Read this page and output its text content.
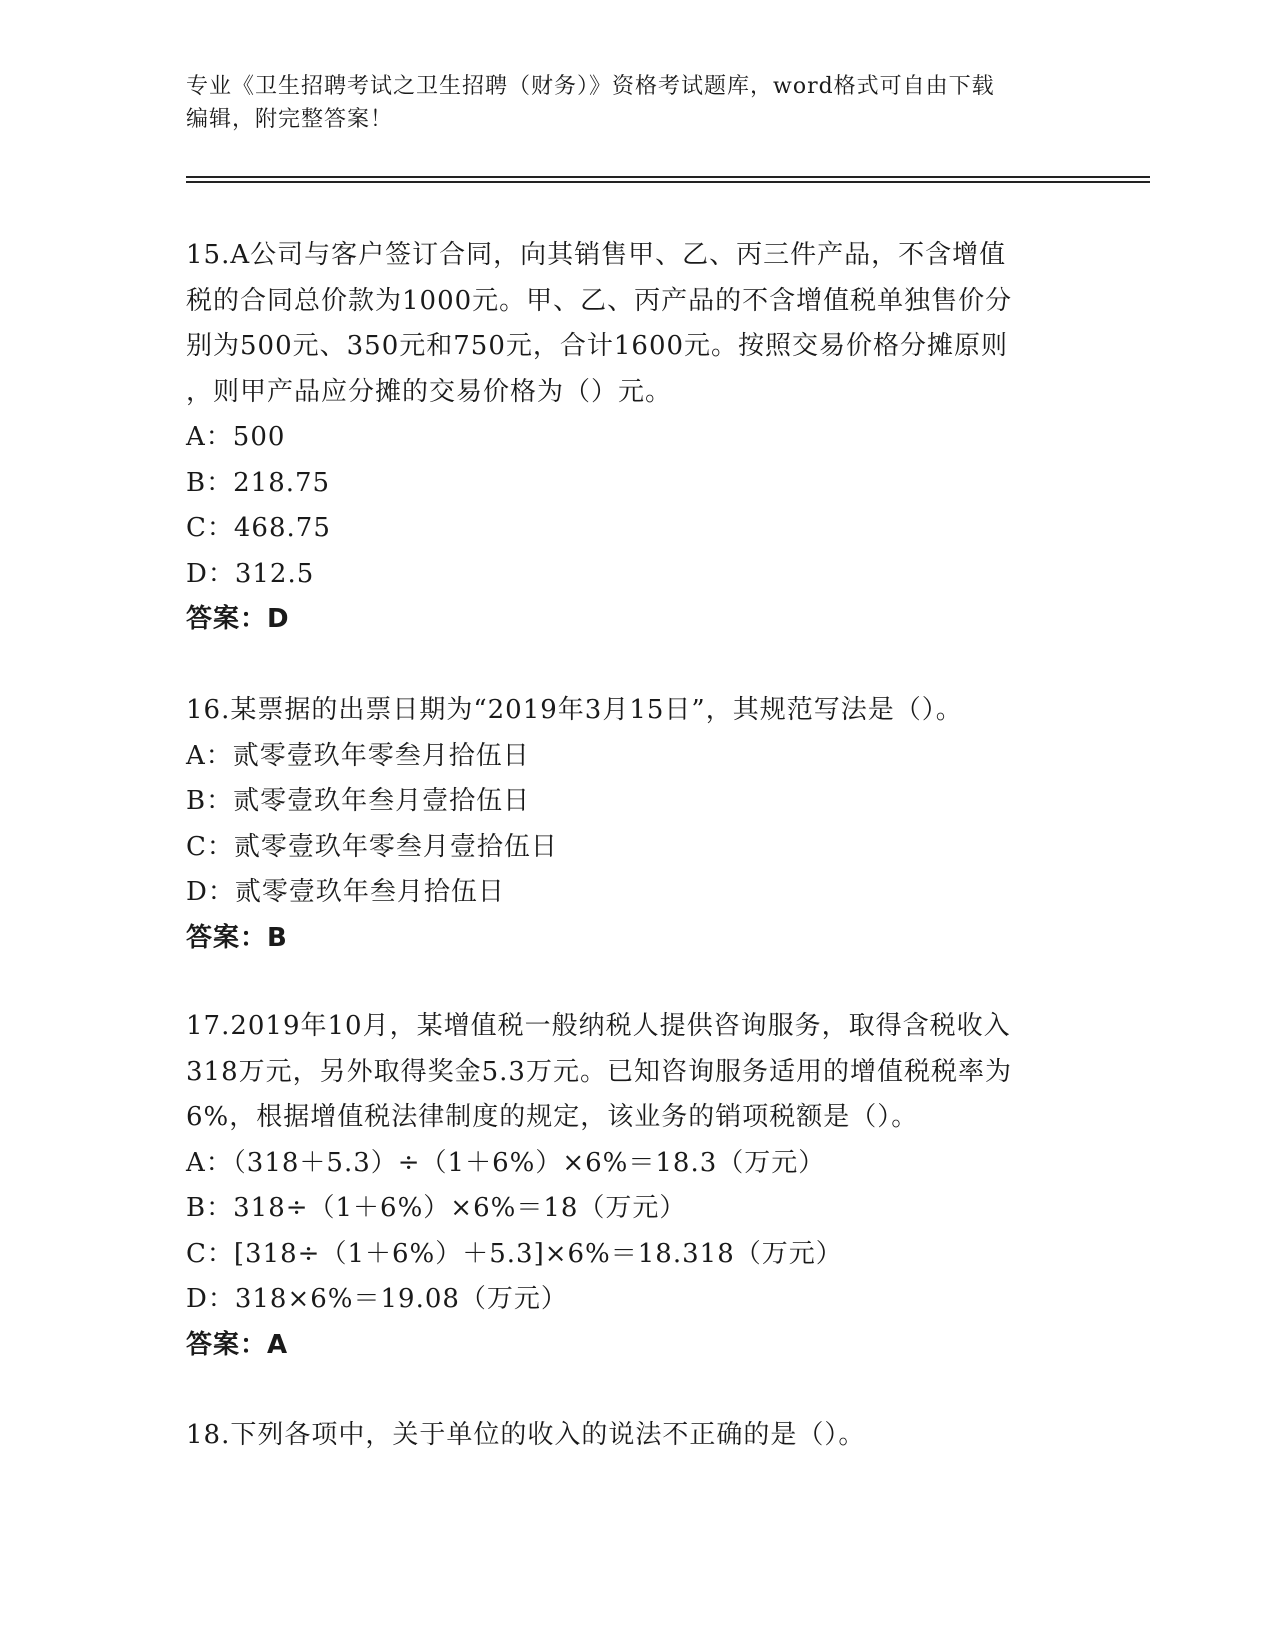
专业《卫生招聘考试之卫生招聘（财务）》资格考试题库，word格式可自由下载
编辑，附完整答案！

15.A公司与客户签订合同，向其销售甲、乙、丙三件产品，不含增值

税的合同总价款为1000元。甲、乙、丙产品的不含增值税单独售价分

别为500元、350元和750元，合计1600元。按照交易价格分摊原则

，则甲产品应分摊的交易价格为（）元。

A：500

B：218.75

C：468.75

D：312.5

答案：D

16.某票据的出票日期为“2019年3月15日”，其规范写法是（）。

A：贰零壹玖年零叁月拾伍日

B：贰零壹玖年叁月壹拾伍日

C：贰零壹玖年零叁月壹拾伍日

D：贰零壹玖年叁月拾伍日

答案：B

17.2019年10月，某增值税一般纳税人提供咨询服务，取得含税收入

318万元，另外取得奖金5.3万元。已知咨询服务适用的增值税税率为

6%，根据增值税法律制度的规定，该业务的销项税额是（）。

A：（318＋5.3）÷（1＋6%）×6%＝18.3（万元）

B：318÷（1＋6%）×6%＝18（万元）

C：[318÷（1＋6%）＋5.3]×6%＝18.318（万元）

D：318×6%＝19.08（万元）

答案：A

18.下列各项中，关于单位的收入的说法不正确的是（）。
